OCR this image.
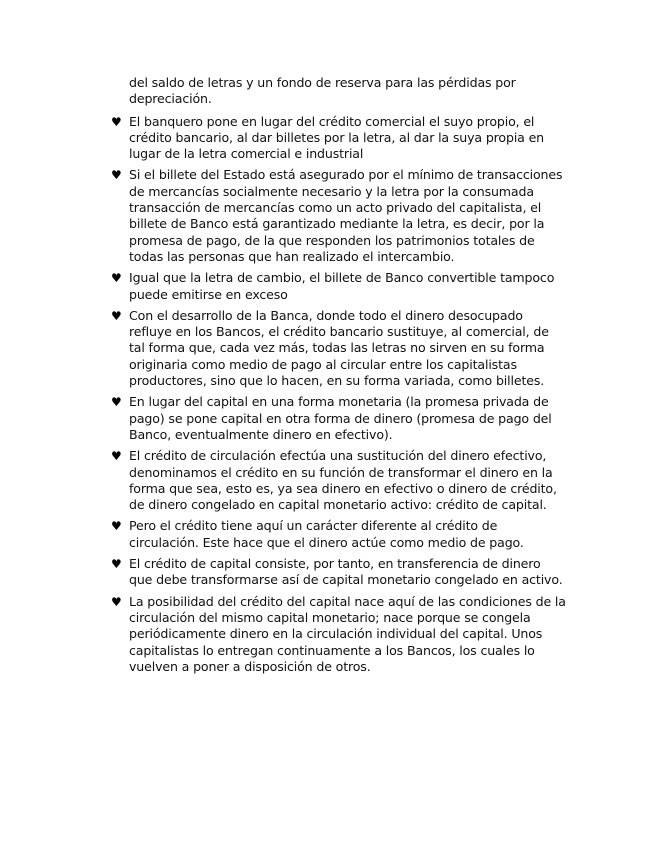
del saldo de letras y un fondo de reserva para las pérdidas por depreciación.

♥ El banquero pone en lugar del crédito comercial el suyo propio, el crédito bancario, al dar billetes por la letra, al dar la suya propia en lugar de la letra comercial e industrial
♥ Si el billete del Estado está asegurado por el mínimo de transacciones de mercancías socialmente necesario y la letra por la consumada transacción de mercancías como un acto privado del capitalista, el billete de Banco está garantizado mediante la letra, es decir, por la promesa de pago, de la que responden los patrimonios totales de todas las personas que han realizado el intercambio.
♥ Igual que la letra de cambio, el billete de Banco convertible tampoco puede emitirse en exceso
♥ Con el desarrollo de la Banca, donde todo el dinero desocupado refluye en los Bancos, el crédito bancario sustituye, al comercial, de tal forma que, cada vez más, todas las letras no sirven en su forma originaria como medio de pago al circular entre los capitalistas productores, sino que lo hacen, en su forma variada, como billetes.
♥ En lugar del capital en una forma monetaria (la promesa privada de pago) se pone capital en otra forma de dinero (promesa de pago del Banco, eventualmente dinero en efectivo).
♥ El crédito de circulación efectúa una sustitución del dinero efectivo, denominamos el crédito en su función de transformar el dinero en la forma que sea, esto es, ya sea dinero en efectivo o dinero de crédito, de dinero congelado en capital monetario activo: crédito de capital.
♥ Pero el crédito tiene aquí un carácter diferente al crédito de circulación. Este hace que el dinero actúe como medio de pago.
♥ El crédito de capital consiste, por tanto, en transferencia de dinero que debe transformarse así de capital monetario congelado en activo.
♥ La posibilidad del crédito del capital nace aquí de las condiciones de la circulación del mismo capital monetario; nace porque se congela periódicamente dinero en la circulación individual del capital. Unos capitalistas lo entregan continuamente a los Bancos, los cuales lo vuelven a poner a disposición de otros.
